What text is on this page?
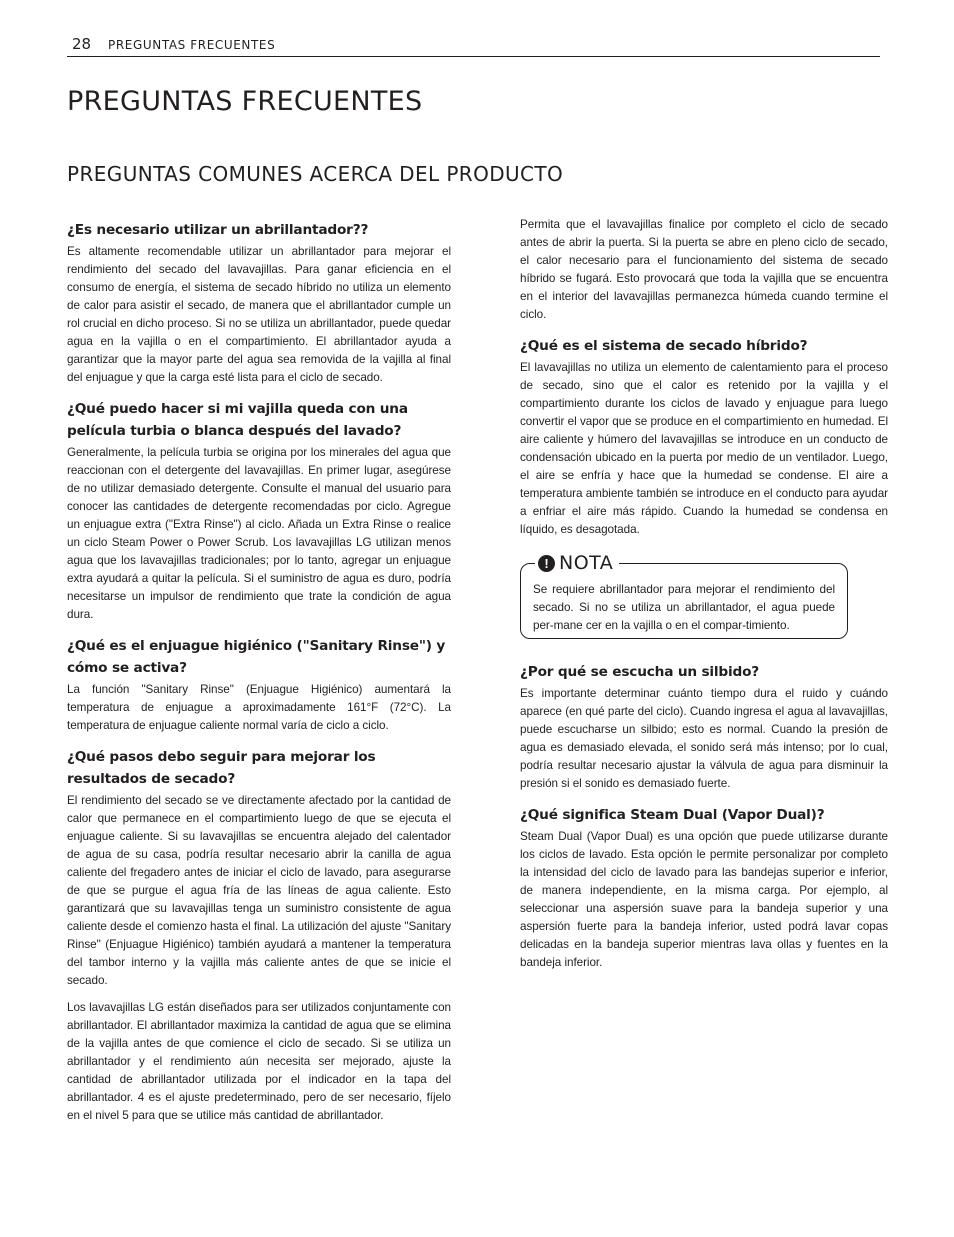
28 PREGUNTAS FRECUENTES
PREGUNTAS FRECUENTES
PREGUNTAS COMUNES ACERCA DEL PRODUCTO

¿Es necesario utilizar un abrillantador??

Es altamente recomendable utilizar un abrillantador para mejorar el rendimiento del secado del lavavajillas. Para ganar eficiencia en el consumo de energía, el sistema de secado híbrido no utiliza un elemento de calor para asistir el secado, de manera que el abrillantador cumple un rol crucial en dicho proceso. Si no se utiliza un abrillantador, puede quedar agua en la vajilla o en el compartimiento. El abrillantador ayuda a garantizar que la mayor parte del agua sea removida de la vajilla al final del enjuague y que la carga esté lista para el ciclo de secado.

¿Qué puedo hacer si mi vajilla queda con una película turbia o blanca después del lavado?

Generalmente, la película turbia se origina por los minerales del agua que reaccionan con el detergente del lavavajillas. En primer lugar, asegúrese de no utilizar demasiado detergente. Consulte el manual del usuario para conocer las cantidades de detergente recomendadas por ciclo. Agregue un enjuague extra ("Extra Rinse") al ciclo. Añada un Extra Rinse o realice un ciclo Steam Power o Power Scrub. Los lavavajillas LG utilizan menos agua que los lavavajillas tradicionales; por lo tanto, agregar un enjuague extra ayudará a quitar la película. Si el suministro de agua es duro, podría necesitarse un impulsor de rendimiento que trate la condición de agua dura.

¿Qué es el enjuague higiénico ("Sanitary Rinse") y cómo se activa?

La función "Sanitary Rinse" (Enjuague Higiénico) aumentará la temperatura de enjuague a aproximadamente 161°F (72°C). La temperatura de enjuague caliente normal varía de ciclo a ciclo.

¿Qué pasos debo seguir para mejorar los resultados de secado?

El rendimiento del secado se ve directamente afectado por la cantidad de calor que permanece en el compartimiento luego de que se ejecuta el enjuague caliente. Si su lavavajillas se encuentra alejado del calentador de agua de su casa, podría resultar necesario abrir la canilla de agua caliente del fregadero antes de iniciar el ciclo de lavado, para asegurarse de que se purgue el agua fría de las líneas de agua caliente. Esto garantizará que su lavavajillas tenga un suministro consistente de agua caliente desde el comienzo hasta el final. La utilización del ajuste "Sanitary Rinse" (Enjuague Higiénico) también ayudará a mantener la temperatura del tambor interno y la vajilla más caliente antes de que se inicie el secado.

Los lavavajillas LG están diseñados para ser utilizados conjuntamente con abrillantador. El abrillantador maximiza la cantidad de agua que se elimina de la vajilla antes de que comience el ciclo de secado. Si se utiliza un abrillantador y el rendimiento aún necesita ser mejorado, ajuste la cantidad de abrillantador utilizada por el indicador en la tapa del abrillantador. 4 es el ajuste predeterminado, pero de ser necesario, fíjelo en el nivel 5 para que se utilice más cantidad de abrillantador.

Permita que el lavavajillas finalice por completo el ciclo de secado antes de abrir la puerta. Si la puerta se abre en pleno ciclo de secado, el calor necesario para el funcionamiento del sistema de secado híbrido se fugará. Esto provocará que toda la vajilla que se encuentra en el interior del lavavajillas permanezca húmeda cuando termine el ciclo.

¿Qué es el sistema de secado híbrido?

El lavavajillas no utiliza un elemento de calentamiento para el proceso de secado, sino que el calor es retenido por la vajilla y el compartimiento durante los ciclos de lavado y enjuague para luego convertir el vapor que se produce en el compartimiento en humedad. El aire caliente y húmero del lavavajillas se introduce en un conducto de condensación ubicado en la puerta por medio de un ventilador. Luego, el aire se enfría y hace que la humedad se condense. El aire a temperatura ambiente también se introduce en el conducto para ayudar a enfriar el aire más rápido. Cuando la humedad se condensa en líquido, es desagotada.

! NOTA

Se requiere abrillantador para mejorar el rendimiento del secado. Si no se utiliza un abrillantador, el agua puede per-mane cer en la vajilla o en el compar-timiento.

¿Por qué se escucha un silbido?

Es importante determinar cuánto tiempo dura el ruido y cuándo aparece (en qué parte del ciclo). Cuando ingresa el agua al lavavajillas, puede escucharse un silbido; esto es normal. Cuando la presión de agua es demasiado elevada, el sonido será más intenso; por lo cual, podría resultar necesario ajustar la válvula de agua para disminuir la presión si el sonido es demasiado fuerte.

¿Qué significa Steam Dual (Vapor Dual)?

Steam Dual (Vapor Dual) es una opción que puede utilizarse durante los ciclos de lavado. Esta opción le permite personalizar por completo la intensidad del ciclo de lavado para las bandejas superior e inferior, de manera independiente, en la misma carga. Por ejemplo, al seleccionar una aspersión suave para la bandeja superior y una aspersión fuerte para la bandeja inferior, usted podrá lavar copas delicadas en la bandeja superior mientras lava ollas y fuentes en la bandeja inferior.
